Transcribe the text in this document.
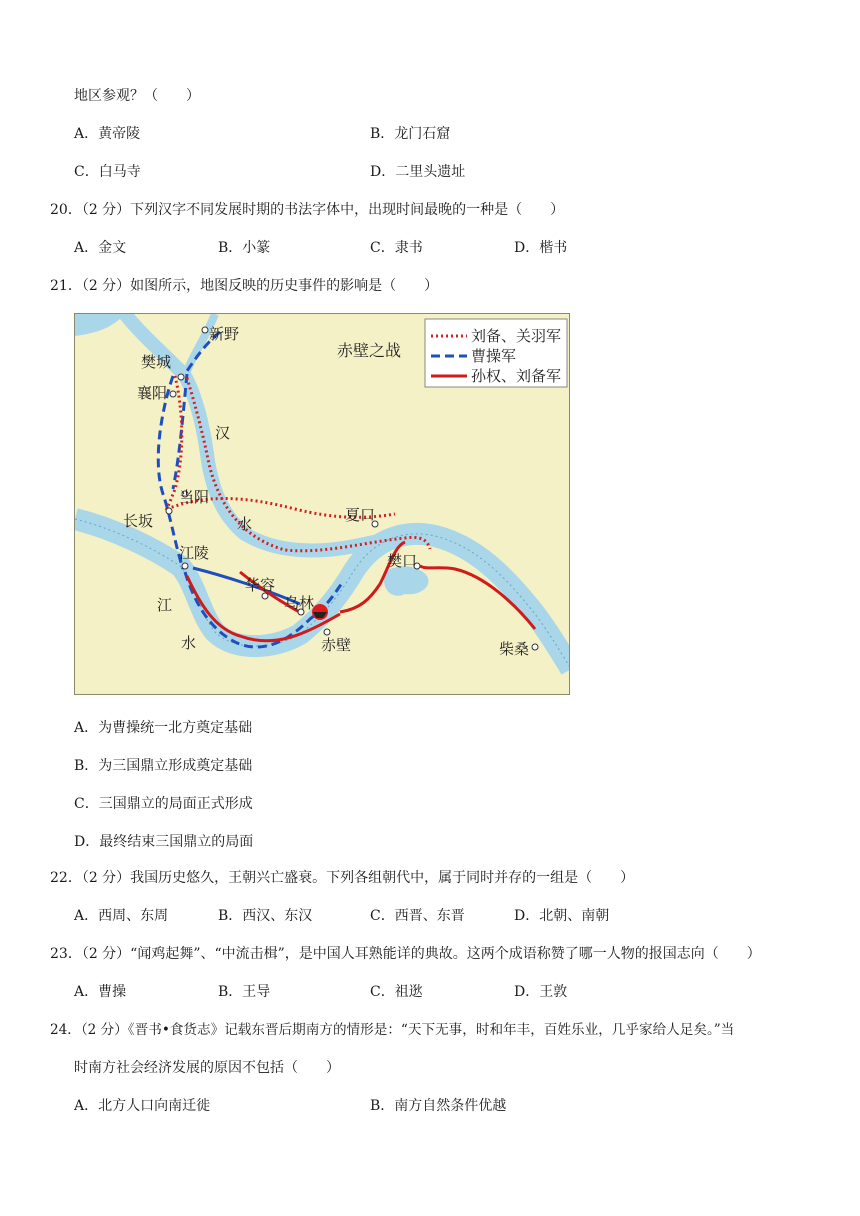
地区参观？（　　）
A．黄帝陵	B．龙门石窟
C．白马寺	D．二里头遗址
20．（2 分）下列汉字不同发展时期的书法字体中，出现时间最晚的一种是（　　）
A．金文	B．小篆	C．隶书	D．楷书
21．（2 分）如图所示，地图反映的历史事件的影响是（　　）
刘备、关羽军
曹操军
孙权、刘备军
赤壁之战
新野
樊城
襄阳
当阳
长坂
江陵
华容
乌林
赤壁
夏口
樊口
柴桑
汉
水
江
水
A．为曹操统一北方奠定基础
B．为三国鼎立形成奠定基础
C．三国鼎立的局面正式形成
D．最终结束三国鼎立的局面
22．（2 分）我国历史悠久，王朝兴亡盛衰。下列各组朝代中，属于同时并存的一组是（　　）
A．西周、东周	B．西汉、东汉	C．西晋、东晋	D．北朝、南朝
23．（2 分）“闻鸡起舞”、“中流击楫”，是中国人耳熟能详的典故。这两个成语称赞了哪一人物的报国志向（　　）
A．曹操	B．王导	C．祖逖	D．王敦
24．（2 分）《晋书•食货志》记载东晋后期南方的情形是：“天下无事，时和年丰，百姓乐业，几乎家给人足矣。”当
时南方社会经济发展的原因不包括（　　）
A．北方人口向南迁徙	B．南方自然条件优越
